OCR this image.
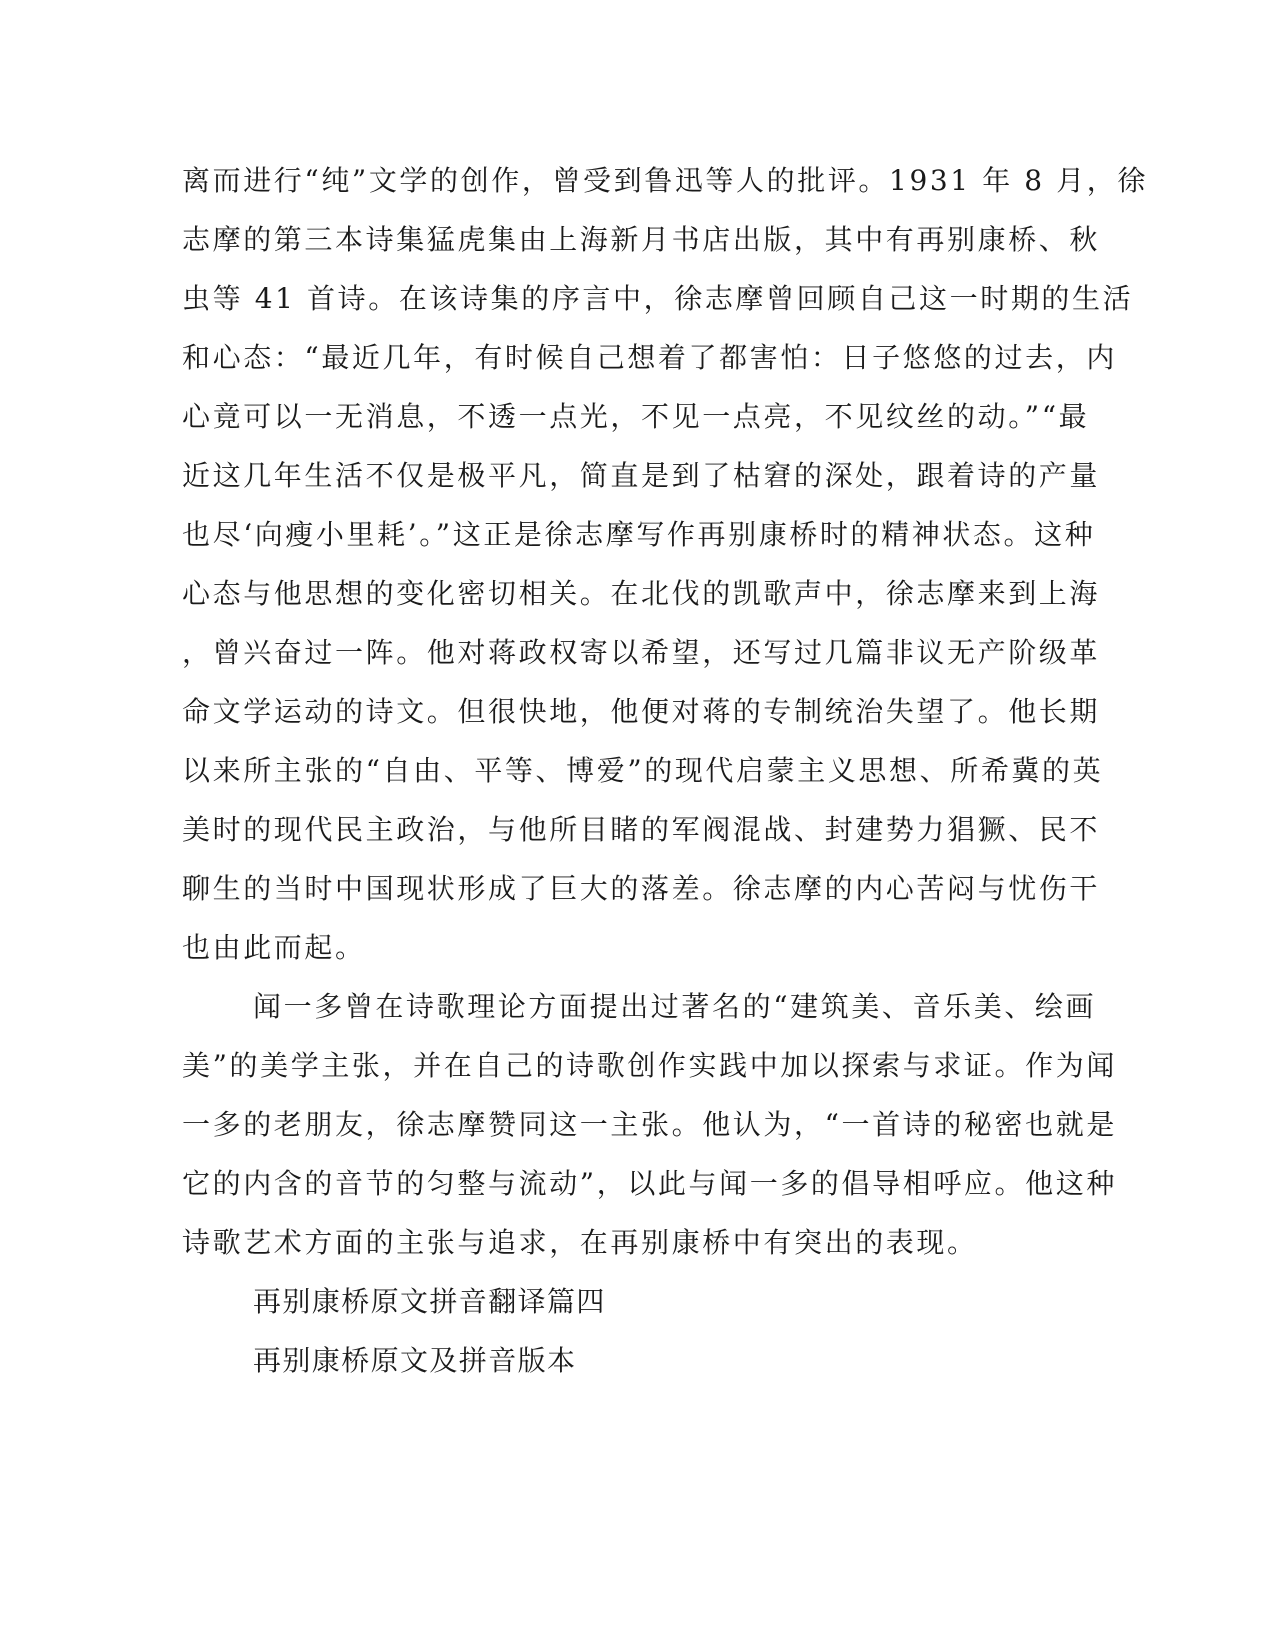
离而进行“纯”文学的创作，曾受到鲁迅等人的批评。1931 年 8 月，徐
志摩的第三本诗集猛虎集由上海新月书店出版，其中有再别康桥、秋
虫等 41 首诗。在该诗集的序言中，徐志摩曾回顾自己这一时期的生活
和心态：“最近几年，有时候自己想着了都害怕：日子悠悠的过去，内
心竟可以一无消息，不透一点光，不见一点亮，不见纹丝的动。”“最
近这几年生活不仅是极平凡，简直是到了枯窘的深处，跟着诗的产量
也尽‘向瘦小里耗’。”这正是徐志摩写作再别康桥时的精神状态。这种
心态与他思想的变化密切相关。在北伐的凯歌声中，徐志摩来到上海
，曾兴奋过一阵。他对蒋政权寄以希望，还写过几篇非议无产阶级革
命文学运动的诗文。但很快地，他便对蒋的专制统治失望了。他长期
以来所主张的“自由、平等、博爱”的现代启蒙主义思想、所希冀的英
美时的现代民主政治，与他所目睹的军阀混战、封建势力猖獗、民不
聊生的当时中国现状形成了巨大的落差。徐志摩的内心苦闷与忧伤干
也由此而起。
闻一多曾在诗歌理论方面提出过著名的“建筑美、音乐美、绘画
美”的美学主张，并在自己的诗歌创作实践中加以探索与求证。作为闻
一多的老朋友，徐志摩赞同这一主张。他认为，“一首诗的秘密也就是
它的内含的音节的匀整与流动”，以此与闻一多的倡导相呼应。他这种
诗歌艺术方面的主张与追求，在再别康桥中有突出的表现。
再别康桥原文拼音翻译篇四
再别康桥原文及拼音版本
